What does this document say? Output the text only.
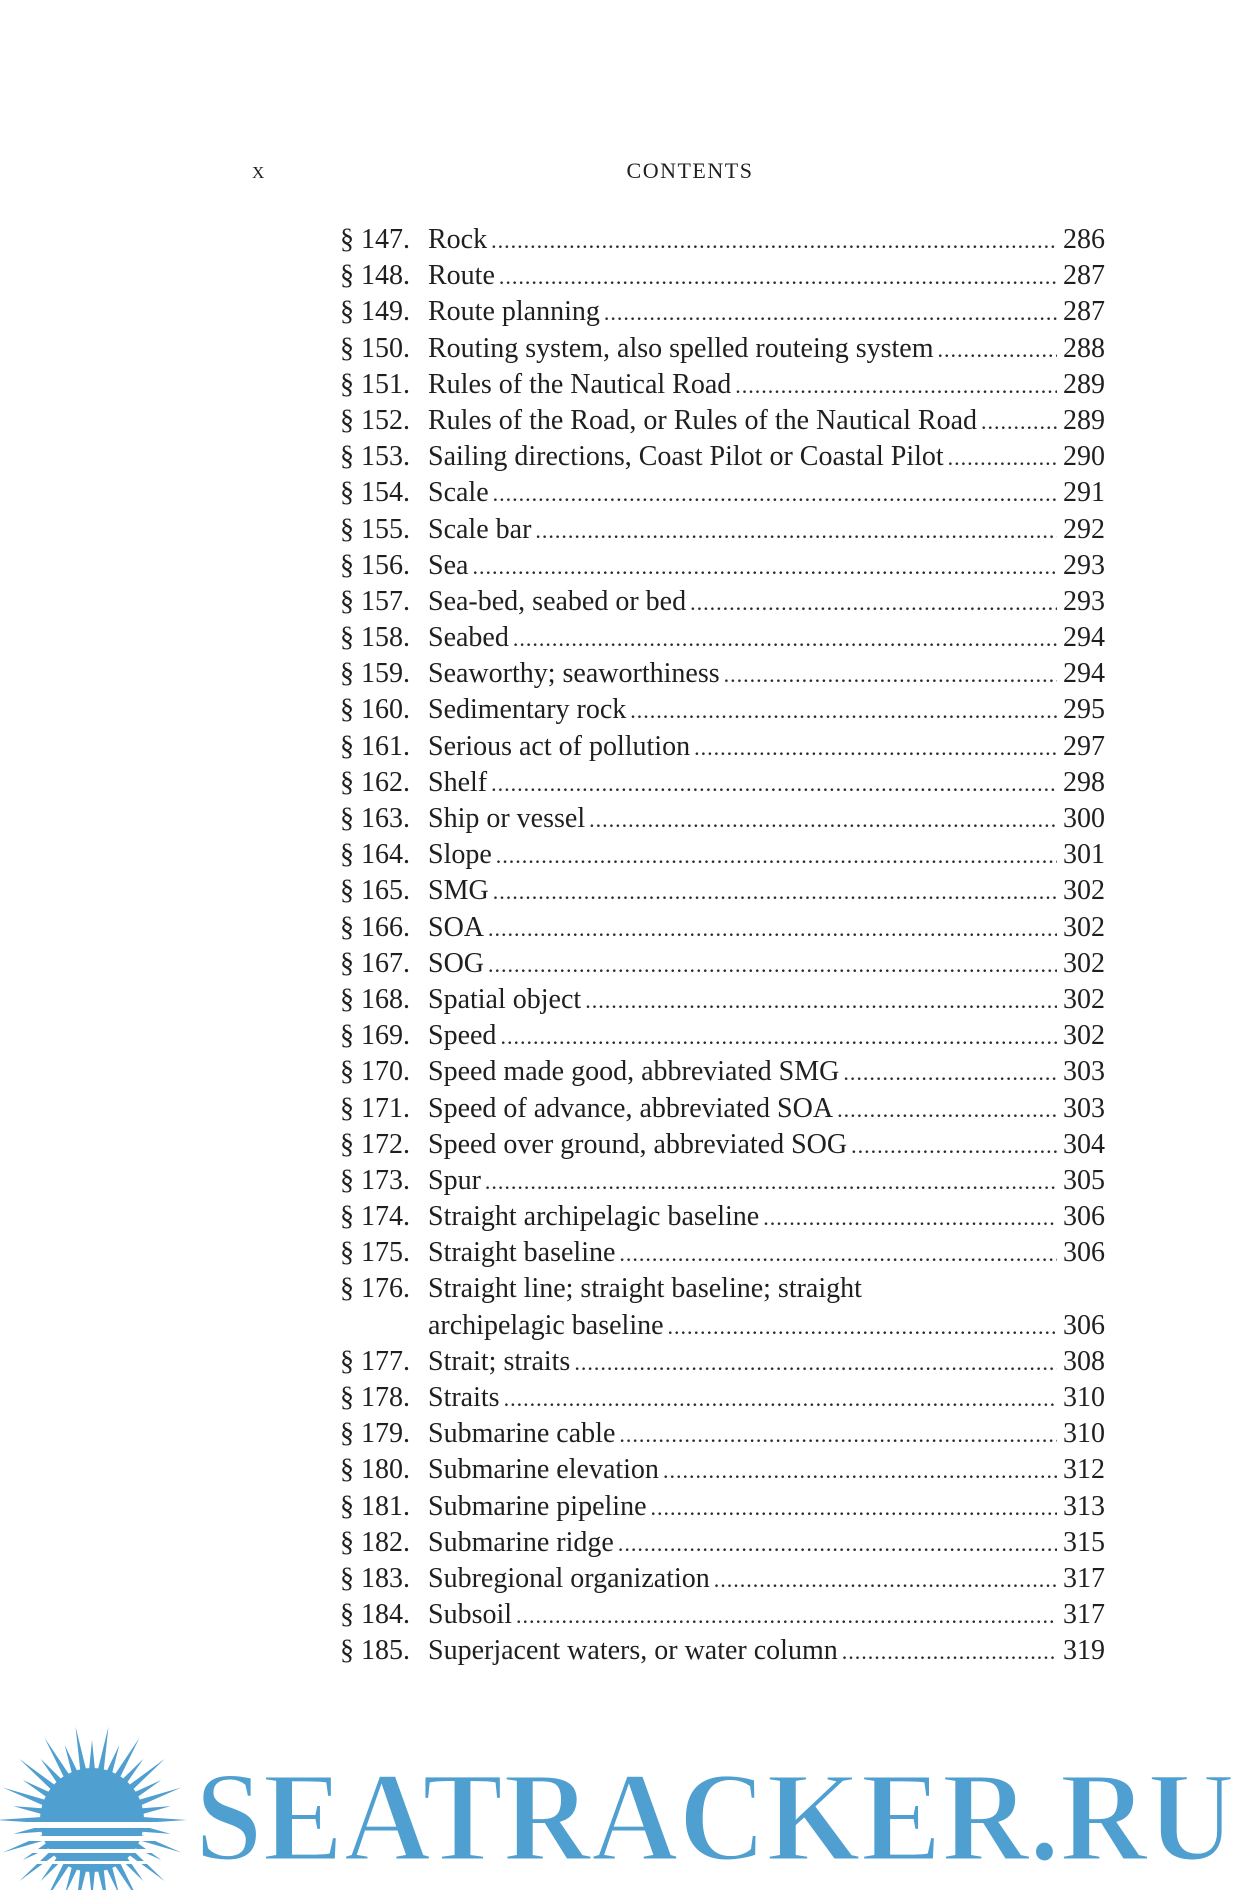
x	CONTENTS
§ 147. Rock .....	286
§ 148. Route .....	287
§ 149. Route planning .....	287
§ 150. Routing system, also spelled routeing system .....	288
§ 151. Rules of the Nautical Road .....	289
§ 152. Rules of the Road, or Rules of the Nautical Road .....	289
§ 153. Sailing directions, Coast Pilot or Coastal Pilot .....	290
§ 154. Scale .....	291
§ 155. Scale bar .....	292
§ 156. Sea .....	293
§ 157. Sea-bed, seabed or bed .....	293
§ 158. Seabed .....	294
§ 159. Seaworthy; seaworthiness .....	294
§ 160. Sedimentary rock .....	295
§ 161. Serious act of pollution .....	297
§ 162. Shelf .....	298
§ 163. Ship or vessel .....	300
§ 164. Slope .....	301
§ 165. SMG .....	302
§ 166. SOA .....	302
§ 167. SOG .....	302
§ 168. Spatial object .....	302
§ 169. Speed .....	302
§ 170. Speed made good, abbreviated SMG .....	303
§ 171. Speed of advance, abbreviated SOA .....	303
§ 172. Speed over ground, abbreviated SOG .....	304
§ 173. Spur .....	305
§ 174. Straight archipelagic baseline .....	306
§ 175. Straight baseline .....	306
§ 176. Straight line; straight baseline; straight
archipelagic baseline .....	306
§ 177. Strait; straits .....	308
§ 178. Straits .....	310
§ 179. Submarine cable .....	310
§ 180. Submarine elevation .....	312
§ 181. Submarine pipeline .....	313
§ 182. Submarine ridge .....	315
§ 183. Subregional organization .....	317
§ 184. Subsoil .....	317
§ 185. Superjacent waters, or water column .....	319
SEATRACKER.RU
